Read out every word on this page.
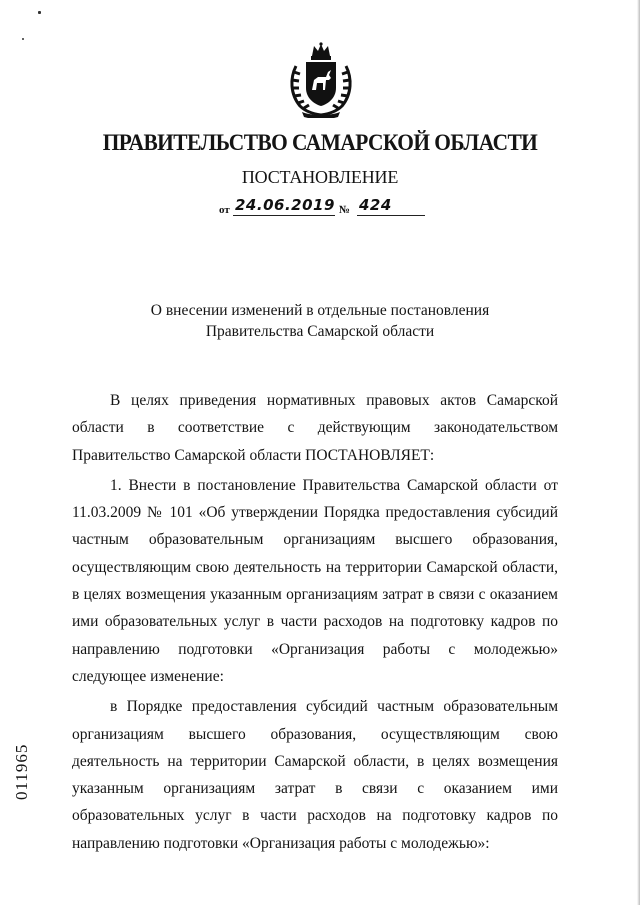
ПРАВИТЕЛЬСТВО САМАРСКОЙ ОБЛАСТИ
ПОСТАНОВЛЕНИЕ
от 24.06.2019 № 424
О внесении изменений в отдельные постановления
Правительства Самарской области

В целях приведения нормативных правовых актов Самарской области в соответствие с действующим законодательством Правительство Самарской области ПОСТАНОВЛЯЕТ:

1. Внести в постановление Правительства Самарской области от 11.03.2009 № 101 «Об утверждении Порядка предоставления субсидий частным образовательным организациям высшего образования, осуществляющим свою деятельность на территории Самарской области, в целях возмещения указанным организациям затрат в связи с оказанием ими образовательных услуг в части расходов на подготовку кадров по направлению подготовки «Организация работы с молодежью» следующее изменение:

в Порядке предоставления субсидий частным образовательным организациям высшего образования, осуществляющим свою деятельность на территории Самарской области, в целях возмещения указанным организациям затрат в связи с оказанием ими образовательных услуг в части расходов на подготовку кадров по направлению подготовки «Организация работы с молодежью»:

011965
